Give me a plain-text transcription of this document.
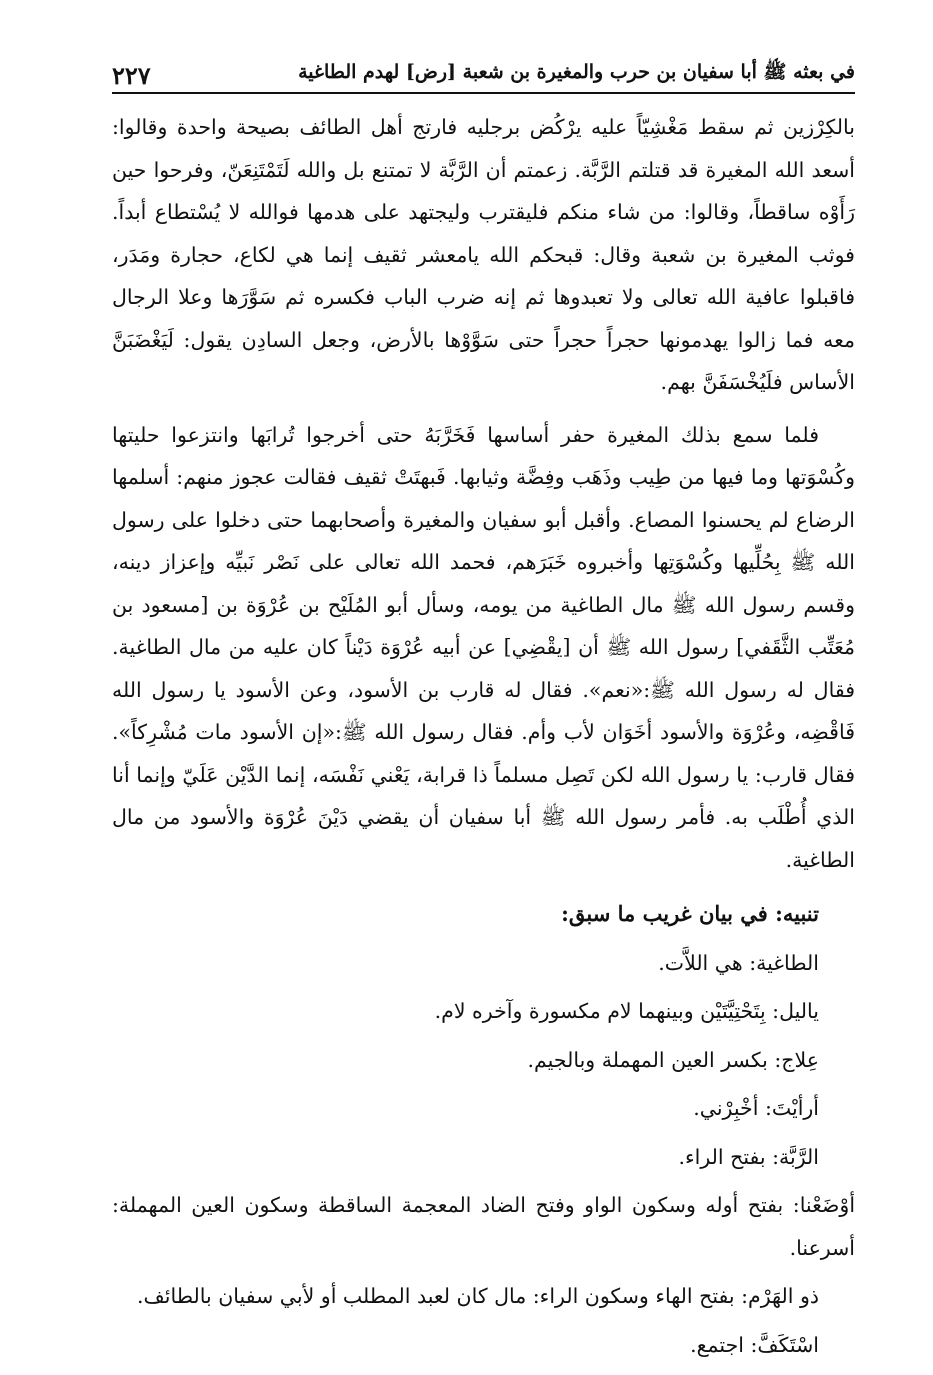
٢٢٧	في بعثه ﷺ أبا سفيان بن حرب والمغيرة بن شعبة [رض] لهدم الطاغية

بالكِرْزين ثم سقط مَغْشِيّاً عليه يرْكُض برجليه فارتج أهل الطائف بصيحة واحدة وقالوا: أسعد الله المغيرة قد قتلتم الرَّبَّة. زعمتم أن الرَّبَّة لا تمتنع بل والله لَتَمْتَنِعَنّ، وفرحوا حين رَأَوْه ساقطاً، وقالوا: من شاء منكم فليقترب وليجتهد على هدمها فوالله لا يُسْتطاع أبداً. فوثب المغيرة بن شعبة وقال: قبحكم الله يامعشر ثقيف إنما هي لكاع، حجارة ومَدَر، فاقبلوا عافية الله تعالى ولا تعبدوها ثم إنه ضرب الباب فكسره ثم سَوَّرَها وعلا الرجال معه فما زالوا يهدمونها حجراً حجراً حتى سَوَّوْها بالأرض، وجعل السادِن يقول: لَيَغْضَبَنَّ الأساس فلَيُخْسَفَنَّ بهم.

فلما سمع بذلك المغيرة حفر أساسها فَخَرَّبَهُ حتى أخرجوا تُرابَها وانتزعوا حليتها وكُسْوَتها وما فيها من طِيب وذَهَب وفِضَّة وثيابها. فَبهتَتْ ثقيف فقالت عجوز منهم: أسلمها الرضاع لم يحسنوا المصاع. وأقبل أبو سفيان والمغيرة وأصحابهما حتى دخلوا على رسول الله ﷺ بِحُلِّيها وكُسْوَتِها وأخبروه خَبَرَهم، فحمد الله تعالى على نَصْر نَبيِّه وإعزاز دينه، وقسم رسول الله ﷺ مال الطاغية من يومه، وسأل أبو المُلَيْح بن عُرْوَة بن [مسعود بن مُعَتِّب الثَّقَفي] رسول الله ﷺ أن [يقْضِي] عن أبيه عُرْوَة دَيْناً كان عليه من مال الطاغية. فقال له رسول الله ﷺ:«نعم». فقال له قارب بن الأسود، وعن الأسود يا رسول الله فَاقْضِه، وعُرْوَة والأسود أخَوَان لأب وأم. فقال رسول الله ﷺ:«إن الأسود مات مُشْرِكاً». فقال قارب: يا رسول الله لكن تَصِل مسلماً ذا قرابة، يَعْني نَفْسَه، إنما الدَّيْن عَلَيّ وإنما أنا الذي أُطْلَب به. فأمر رسول الله ﷺ أبا سفيان أن يقضي دَيْنَ عُرْوَة والأسود من مال الطاغية.

تنبيه: في بيان غريب ما سبق:
الطاغية: هي اللاَّت.
ياليل: بِتَحْتِيَّتَيْن وبينهما لام مكسورة وآخره لام.
عِلاج: بكسر العين المهملة وبالجيم.
أرأيْتَ: أخْبِرْني.
الرَّبَّة: بفتح الراء.
أوْضَعْنا: بفتح أوله وسكون الواو وفتح الضاد المعجمة الساقطة وسكون العين المهملة: أسرعنا.
ذو الهَرْم: بفتح الهاء وسكون الراء: مال كان لعبد المطلب أو لأبي سفيان بالطائف.
اسْتَكَفَّ: اجتمع.
